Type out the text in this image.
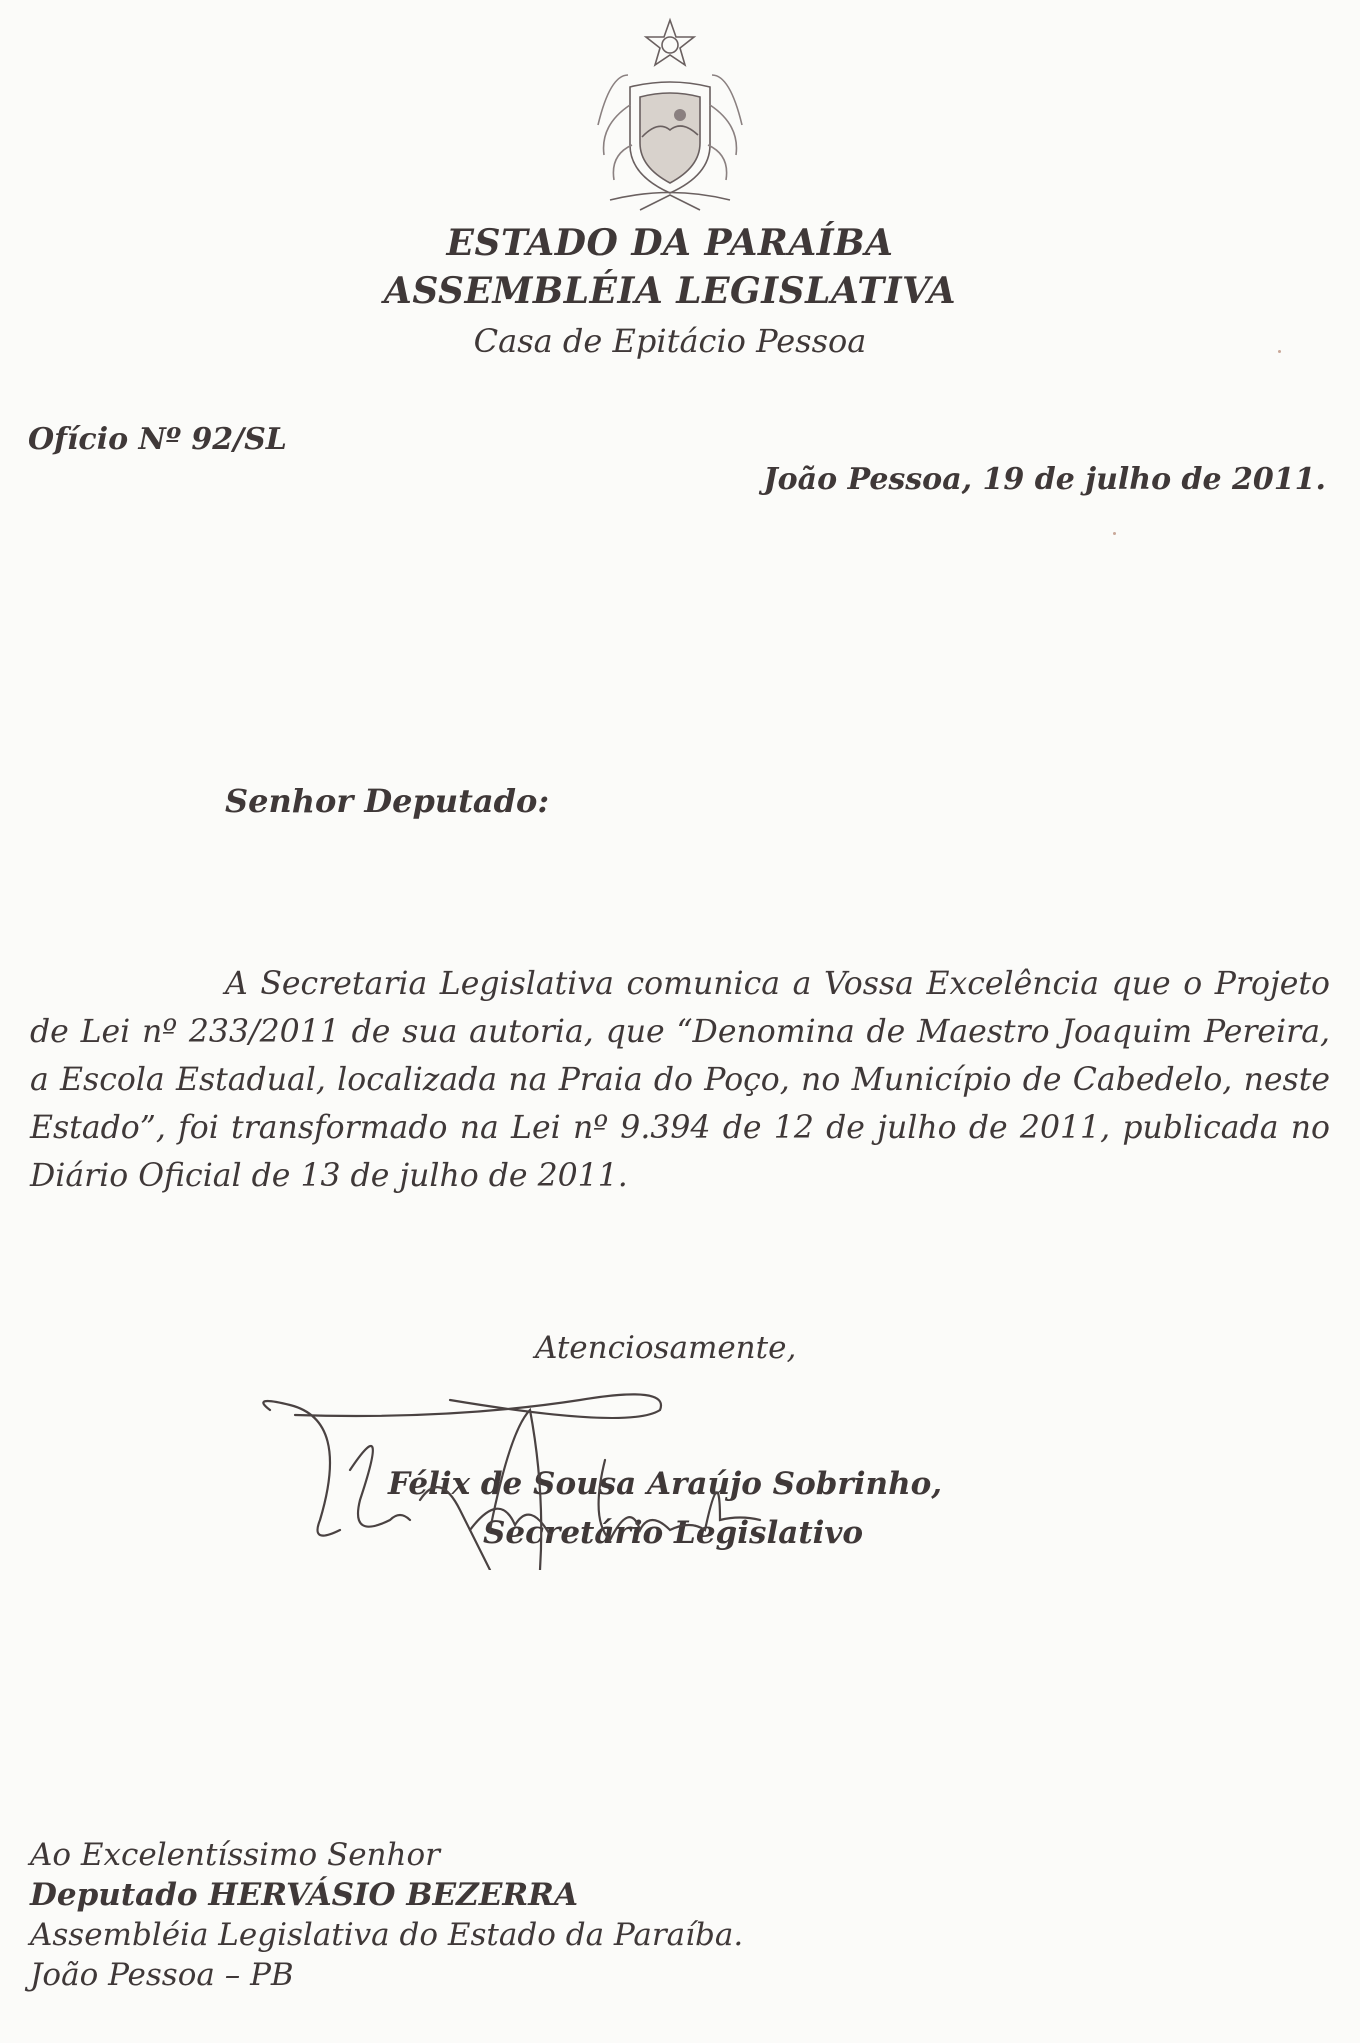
ESTADO DA PARAÍBA
ASSEMBLÉIA LEGISLATIVA
Casa de Epitácio Pessoa
Ofício Nº 92/SL
João Pessoa, 19 de julho de 2011.
Senhor Deputado:
A Secretaria Legislativa comunica a Vossa Excelência que o Projeto de Lei nº 233/2011 de sua autoria, que “Denomina de Maestro Joaquim Pereira, a Escola Estadual, localizada na Praia do Poço, no Município de Cabedelo, neste Estado”, foi transformado na Lei nº 9.394 de 12 de julho de 2011, publicada no Diário Oficial de 13 de julho de 2011.
Atenciosamente,
Félix de Sousa Araújo Sobrinho,
Secretário Legislativo
Ao Excelentíssimo Senhor
Deputado HERVÁSIO BEZERRA
Assembléia Legislativa do Estado da Paraíba.
João Pessoa – PB
